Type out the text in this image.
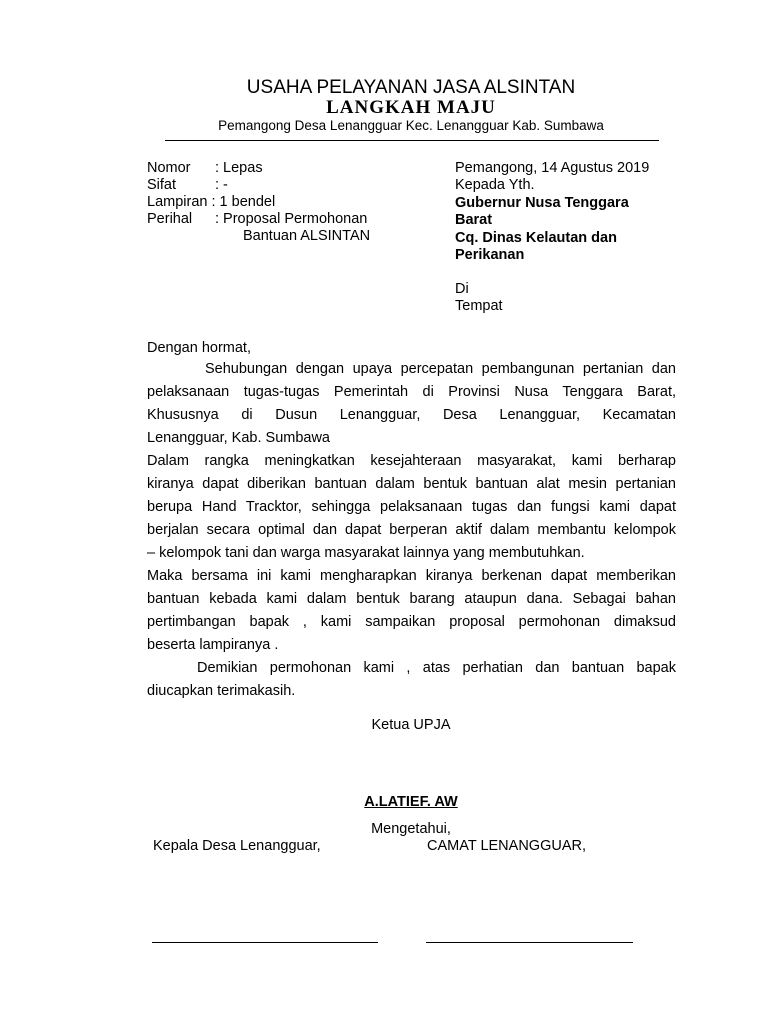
USAHA PELAYANAN JASA ALSINTAN
LANGKAH MAJU
Pemangong Desa Lenangguar Kec. Lenangguar Kab. Sumbawa
Nomor : Lepas
Sifat	: -
Lampiran : 1 bendel
Perihal : Proposal Permohonan
Bantuan ALSINTAN
Pemangong, 14 Agustus 2019
Kepada Yth.
Gubernur Nusa Tenggara
Barat
Cq. Dinas Kelautan dan
Perikanan
Di
Tempat
Dengan hormat,
Sehubungan dengan upaya percepatan pembangunan pertanian dan
pelaksanaan tugas-tugas Pemerintah di Provinsi Nusa Tenggara Barat,
Khususnya di Dusun Lenangguar, Desa Lenangguar, Kecamatan
Lenangguar, Kab. Sumbawa
Dalam rangka meningkatkan kesejahteraan masyarakat, kami berharap
kiranya dapat diberikan bantuan dalam bentuk bantuan alat mesin pertanian
berupa Hand Tracktor, sehingga pelaksanaan tugas dan fungsi kami dapat
berjalan secara optimal dan dapat berperan aktif dalam membantu kelompok
– kelompok tani dan warga masyarakat lainnya yang membutuhkan.
Maka bersama ini kami mengharapkan kiranya berkenan dapat memberikan
bantuan kebada kami dalam bentuk barang ataupun dana. Sebagai bahan
pertimbangan bapak , kami sampaikan proposal permohonan dimaksud
beserta lampiranya .
Demikian permohonan kami , atas perhatian dan bantuan bapak
diucapkan terimakasih.
Ketua UPJA
A.LATIEF. AW
Mengetahui,
Kepala Desa Lenangguar,	CAMAT LENANGGUAR,
